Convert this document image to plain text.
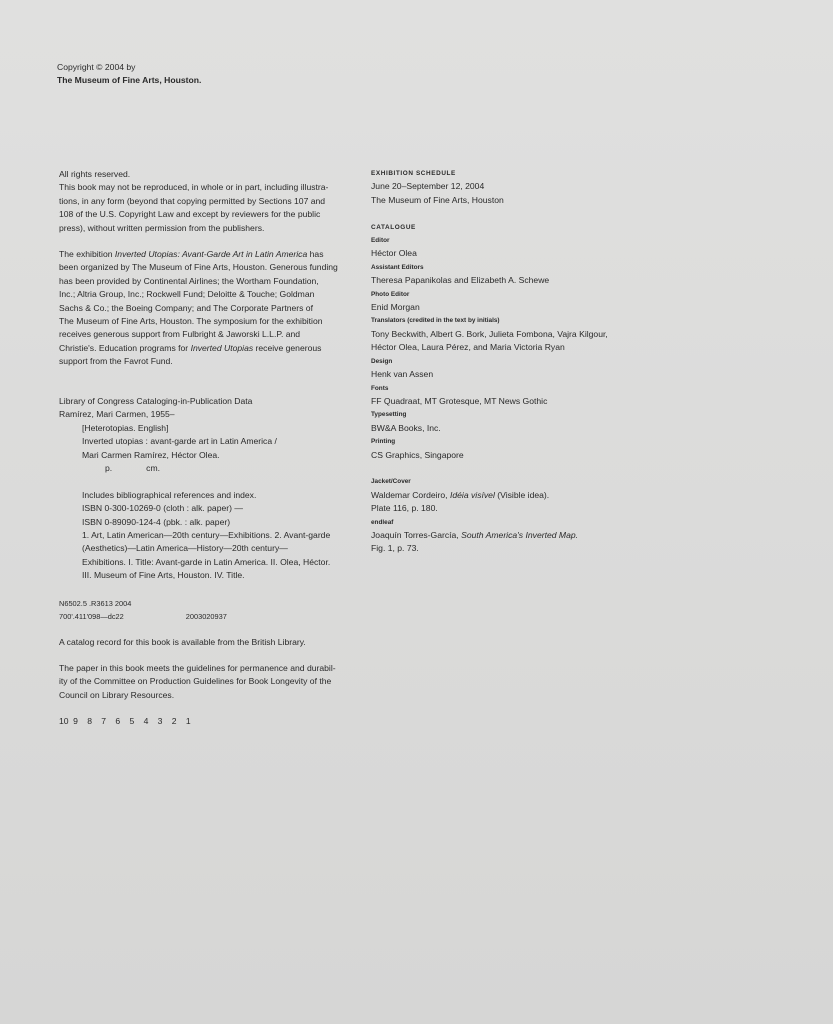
Copyright © 2004 by

The Museum of Fine Arts, Houston.

All rights reserved.

This book may not be reproduced, in whole or in part, including illustra-

tions, in any form (beyond that copying permitted by Sections 107 and

108 of the U.S. Copyright Law and except by reviewers for the public

press), without written permission from the publishers.

The exhibition Inverted Utopias: Avant-Garde Art in Latin America has

been organized by The Museum of Fine Arts, Houston. Generous funding

has been provided by Continental Airlines; the Wortham Foundation,

Inc.; Altria Group, Inc.; Rockwell Fund; Deloitte & Touche; Goldman

Sachs & Co.; the Boeing Company; and The Corporate Partners of

The Museum of Fine Arts, Houston. The symposium for the exhibition

receives generous support from Fulbright & Jaworski L.L.P. and

Christie's. Education programs for Inverted Utopias receive generous

support from the Favrot Fund.

Library of Congress Cataloging-in-Publication Data

Ramírez, Mari Carmen, 1955–

[Heterotopias. English]

Inverted utopias : avant-garde art in Latin America /

Mari Carmen Ramírez, Héctor Olea.

p.	cm.

Includes bibliographical references and index.

ISBN 0-300-10269-0 (cloth : alk. paper) —

ISBN 0-89090-124-4 (pbk. : alk. paper)

1. Art, Latin American—20th century—Exhibitions. 2. Avant-garde

(Aesthetics)—Latin America—History—20th century—

Exhibitions. I. Title: Avant-garde in Latin America. II. Olea, Héctor.

III. Museum of Fine Arts, Houston. IV. Title.

N6502.5 .R3613 2004

700'.411'098—dc22	2003020937

A catalog record for this book is available from the British Library.

The paper in this book meets the guidelines for permanence and durabil-

ity of the Committee on Production Guidelines for Book Longevity of the

Council on Library Resources.

10 9 8 7 6 5 4 3 2 1

EXHIBITION SCHEDULE

June 20–September 12, 2004

The Museum of Fine Arts, Houston

CATALOGUE

Editor

Héctor Olea

Assistant Editors

Theresa Papanikolas and Elizabeth A. Schewe

Photo Editor

Enid Morgan

Translators (credited in the text by initials)

Tony Beckwith, Albert G. Bork, Julieta Fombona, Vajra Kilgour,

Héctor Olea, Laura Pérez, and Maria Victoria Ryan

Design

Henk van Assen

Fonts

FF Quadraat, MT Grotesque, MT News Gothic

Typesetting

BW&A Books, Inc.

Printing

CS Graphics, Singapore

Jacket/Cover

Waldemar Cordeiro, Idéia visível (Visible idea).

Plate 116, p. 180.

endleaf

Joaquín Torres-García, South America's Inverted Map.

Fig. 1, p. 73.
